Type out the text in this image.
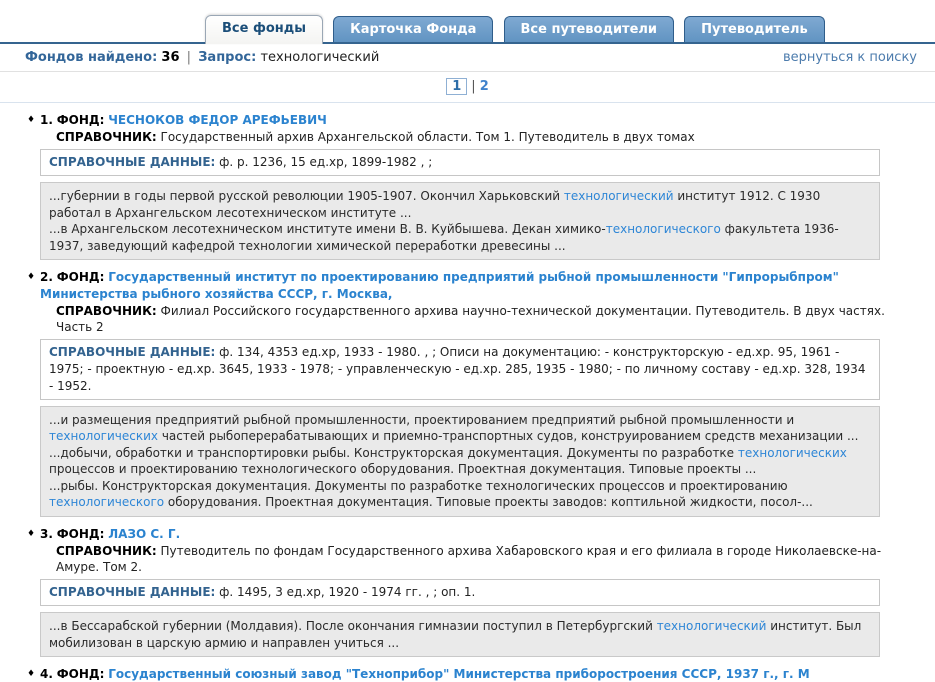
Все фонды	Карточка Фонда	Все путеводители	Путеводитель
Фондов найдено: 36 | Запрос: технологический	вернуться к поиску
1 | 2
♦ 1. ФОНД: ЧЕСНОКОВ ФЕДОР АРЕФЬЕВИЧ
СПРАВОЧНИК: Государственный архив Архангельской области. Том 1. Путеводитель в двух томах
СПРАВОЧНЫЕ ДАННЫЕ: ф. р. 1236, 15 ед.хр, 1899-1982 , ;
...губернии в годы первой русской революции 1905-1907. Окончил Харьковский технологический институт 1912. С 1930 работал в Архангельском лесотехническом институте ...
...в Архангельском лесотехническом институте имени В. В. Куйбышева. Декан химико-технологического факультета 1936-1937, заведующий кафедрой технологии химической переработки древесины ...
♦ 2. ФОНД: Государственный институт по проектированию предприятий рыбной промышленности "Гипрорыбпром" Министерства рыбного хозяйства СССР, г. Москва,
СПРАВОЧНИК: Филиал Российского государственного архива научно-технической документации. Путеводитель. В двух частях. Часть 2
СПРАВОЧНЫЕ ДАННЫЕ: ф. 134, 4353 ед.хр, 1933 - 1980. , ; Описи на документацию: - конструкторскую - ед.хр. 95, 1961 - 1975; - проектную - ед.хр. 3645, 1933 - 1978; - управленческую - ед.хр. 285, 1935 - 1980; - по личному составу - ед.хр. 328, 1934 - 1952.
...и размещения предприятий рыбной промышленности, проектированием предприятий рыбной промышленности и технологических частей рыбоперерабатывающих и приемно-транспортных судов, конструированием средств механизации ...
...добычи, обработки и транспортировки рыбы. Конструкторская документация. Документы по разработке технологических процессов и проектированию технологического оборудования. Проектная документация. Типовые проекты ...
...рыбы. Конструкторская документация. Документы по разработке технологических процессов и проектированию технологического оборудования. Проектная документация. Типовые проекты заводов: коптильной жидкости, посол-...
♦ 3. ФОНД: ЛАЗО С. Г.
СПРАВОЧНИК: Путеводитель по фондам Государственного архива Хабаровского края и его филиала в городе Николаевске-на-Амуре. Том 2.
СПРАВОЧНЫЕ ДАННЫЕ: ф. 1495, 3 ед.хр, 1920 - 1974 гг. , ; оп. 1.
...в Бессарабской губернии (Молдавия). После окончания гимназии поступил в Петербургский технологический институт. Был мобилизован в царскую армию и направлен учиться ...
♦ 4. ФОНД: Государственный союзный завод "Техноприбор" Министерства приборостроения СССР, 1937 г., г. М
